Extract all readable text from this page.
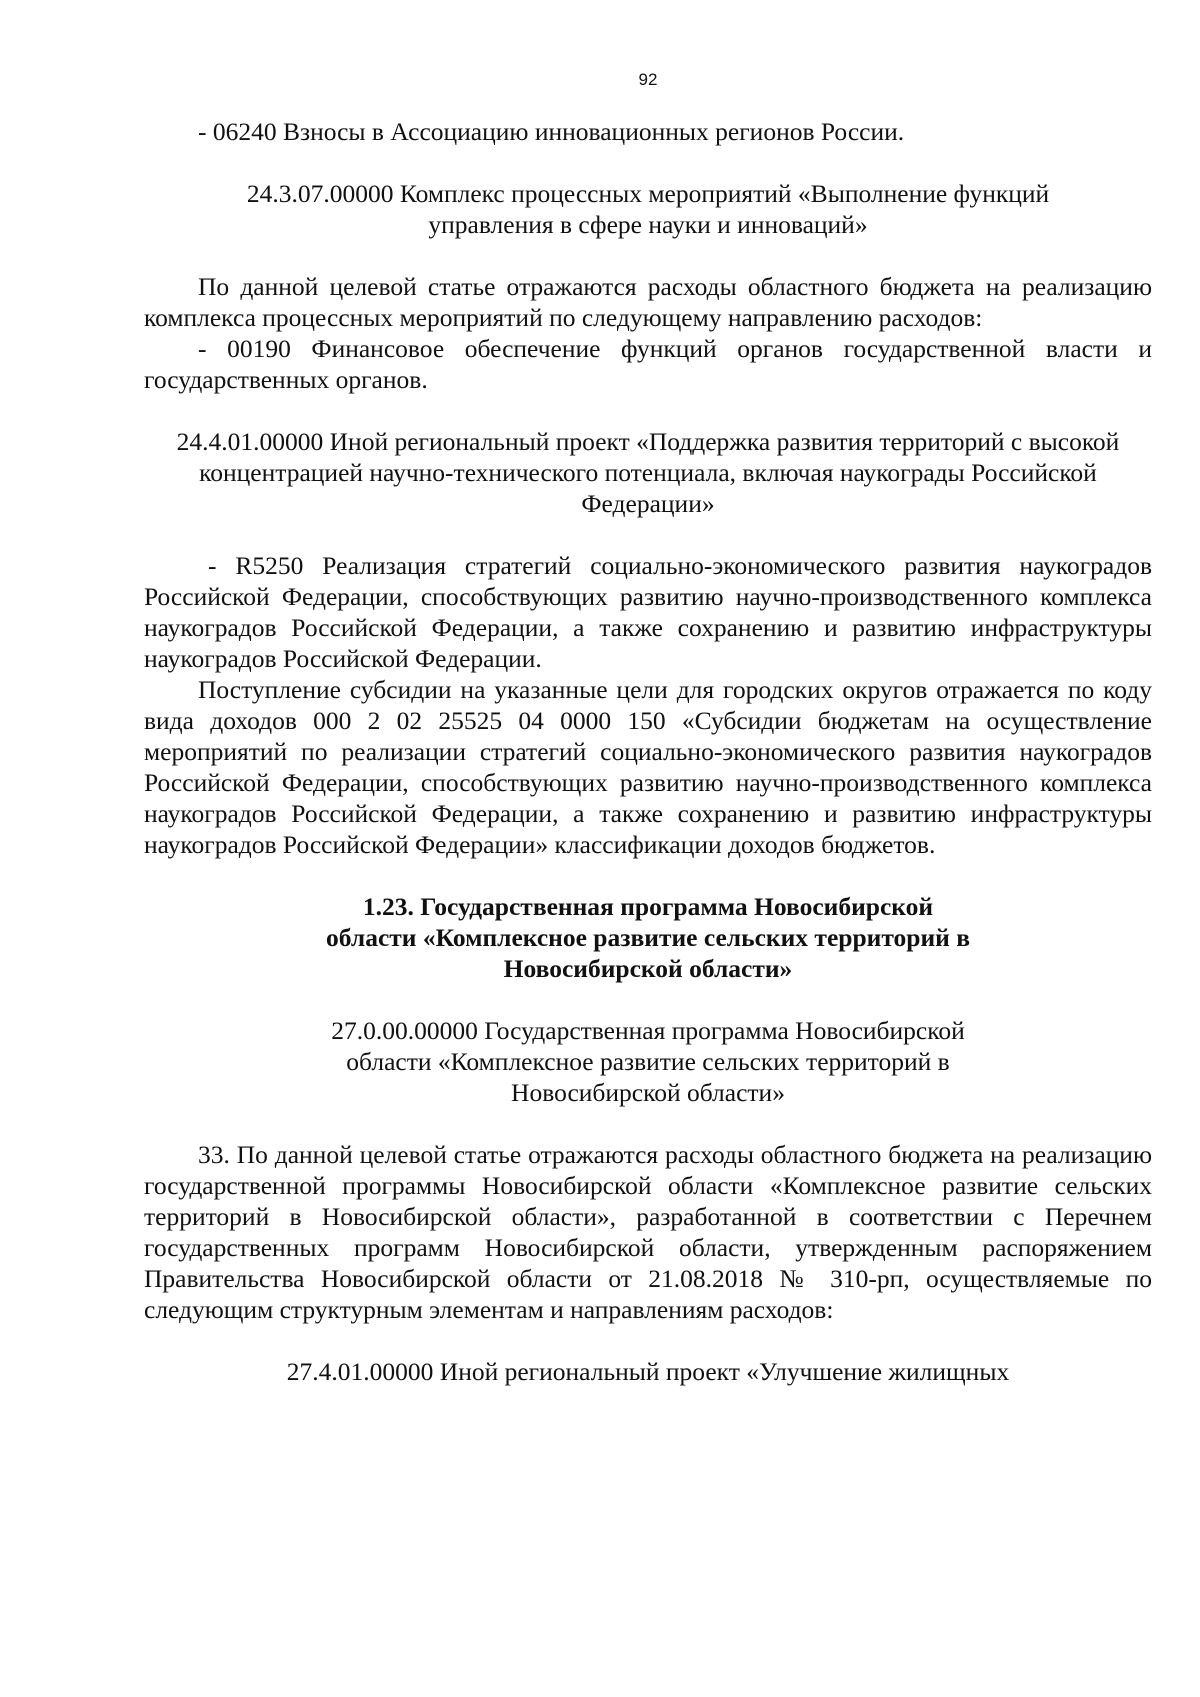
92

- 06240 Взносы в Ассоциацию инновационных регионов России.

24.3.07.00000 Комплекс процессных мероприятий «Выполнение функций управления в сфере науки и инноваций»

По данной целевой статье отражаются расходы областного бюджета на реализацию комплекса процессных мероприятий по следующему направлению расходов:

- 00190 Финансовое обеспечение функций органов государственной власти и государственных органов.

24.4.01.00000 Иной региональный проект «Поддержка развития территорий с высокой концентрацией научно-технического потенциала, включая наукограды Российской Федерации»

- R5250 Реализация стратегий социально-экономического развития наукоградов Российской Федерации, способствующих развитию научно-производственного комплекса наукоградов Российской Федерации, а также сохранению и развитию инфраструктуры наукоградов Российской Федерации.

Поступление субсидии на указанные цели для городских округов отражается по коду вида доходов 000 2 02 25525 04 0000 150 «Субсидии бюджетам на осуществление мероприятий по реализации стратегий социально-экономического развития наукоградов Российской Федерации, способствующих развитию научно-производственного комплекса наукоградов Российской Федерации, а также сохранению и развитию инфраструктуры наукоградов Российской Федерации» классификации доходов бюджетов.

1.23. Государственная программа Новосибирской области «Комплексное развитие сельских территорий в Новосибирской области»

27.0.00.00000 Государственная программа Новосибирской области «Комплексное развитие сельских территорий в Новосибирской области»

33. По данной целевой статье отражаются расходы областного бюджета на реализацию государственной программы Новосибирской области «Комплексное развитие сельских территорий в Новосибирской области», разработанной в соответствии с Перечнем государственных программ Новосибирской области, утвержденным распоряжением Правительства Новосибирской области от 21.08.2018 № 310-рп, осуществляемые по следующим структурным элементам и направлениям расходов:

27.4.01.00000 Иной региональный проект «Улучшение жилищных
